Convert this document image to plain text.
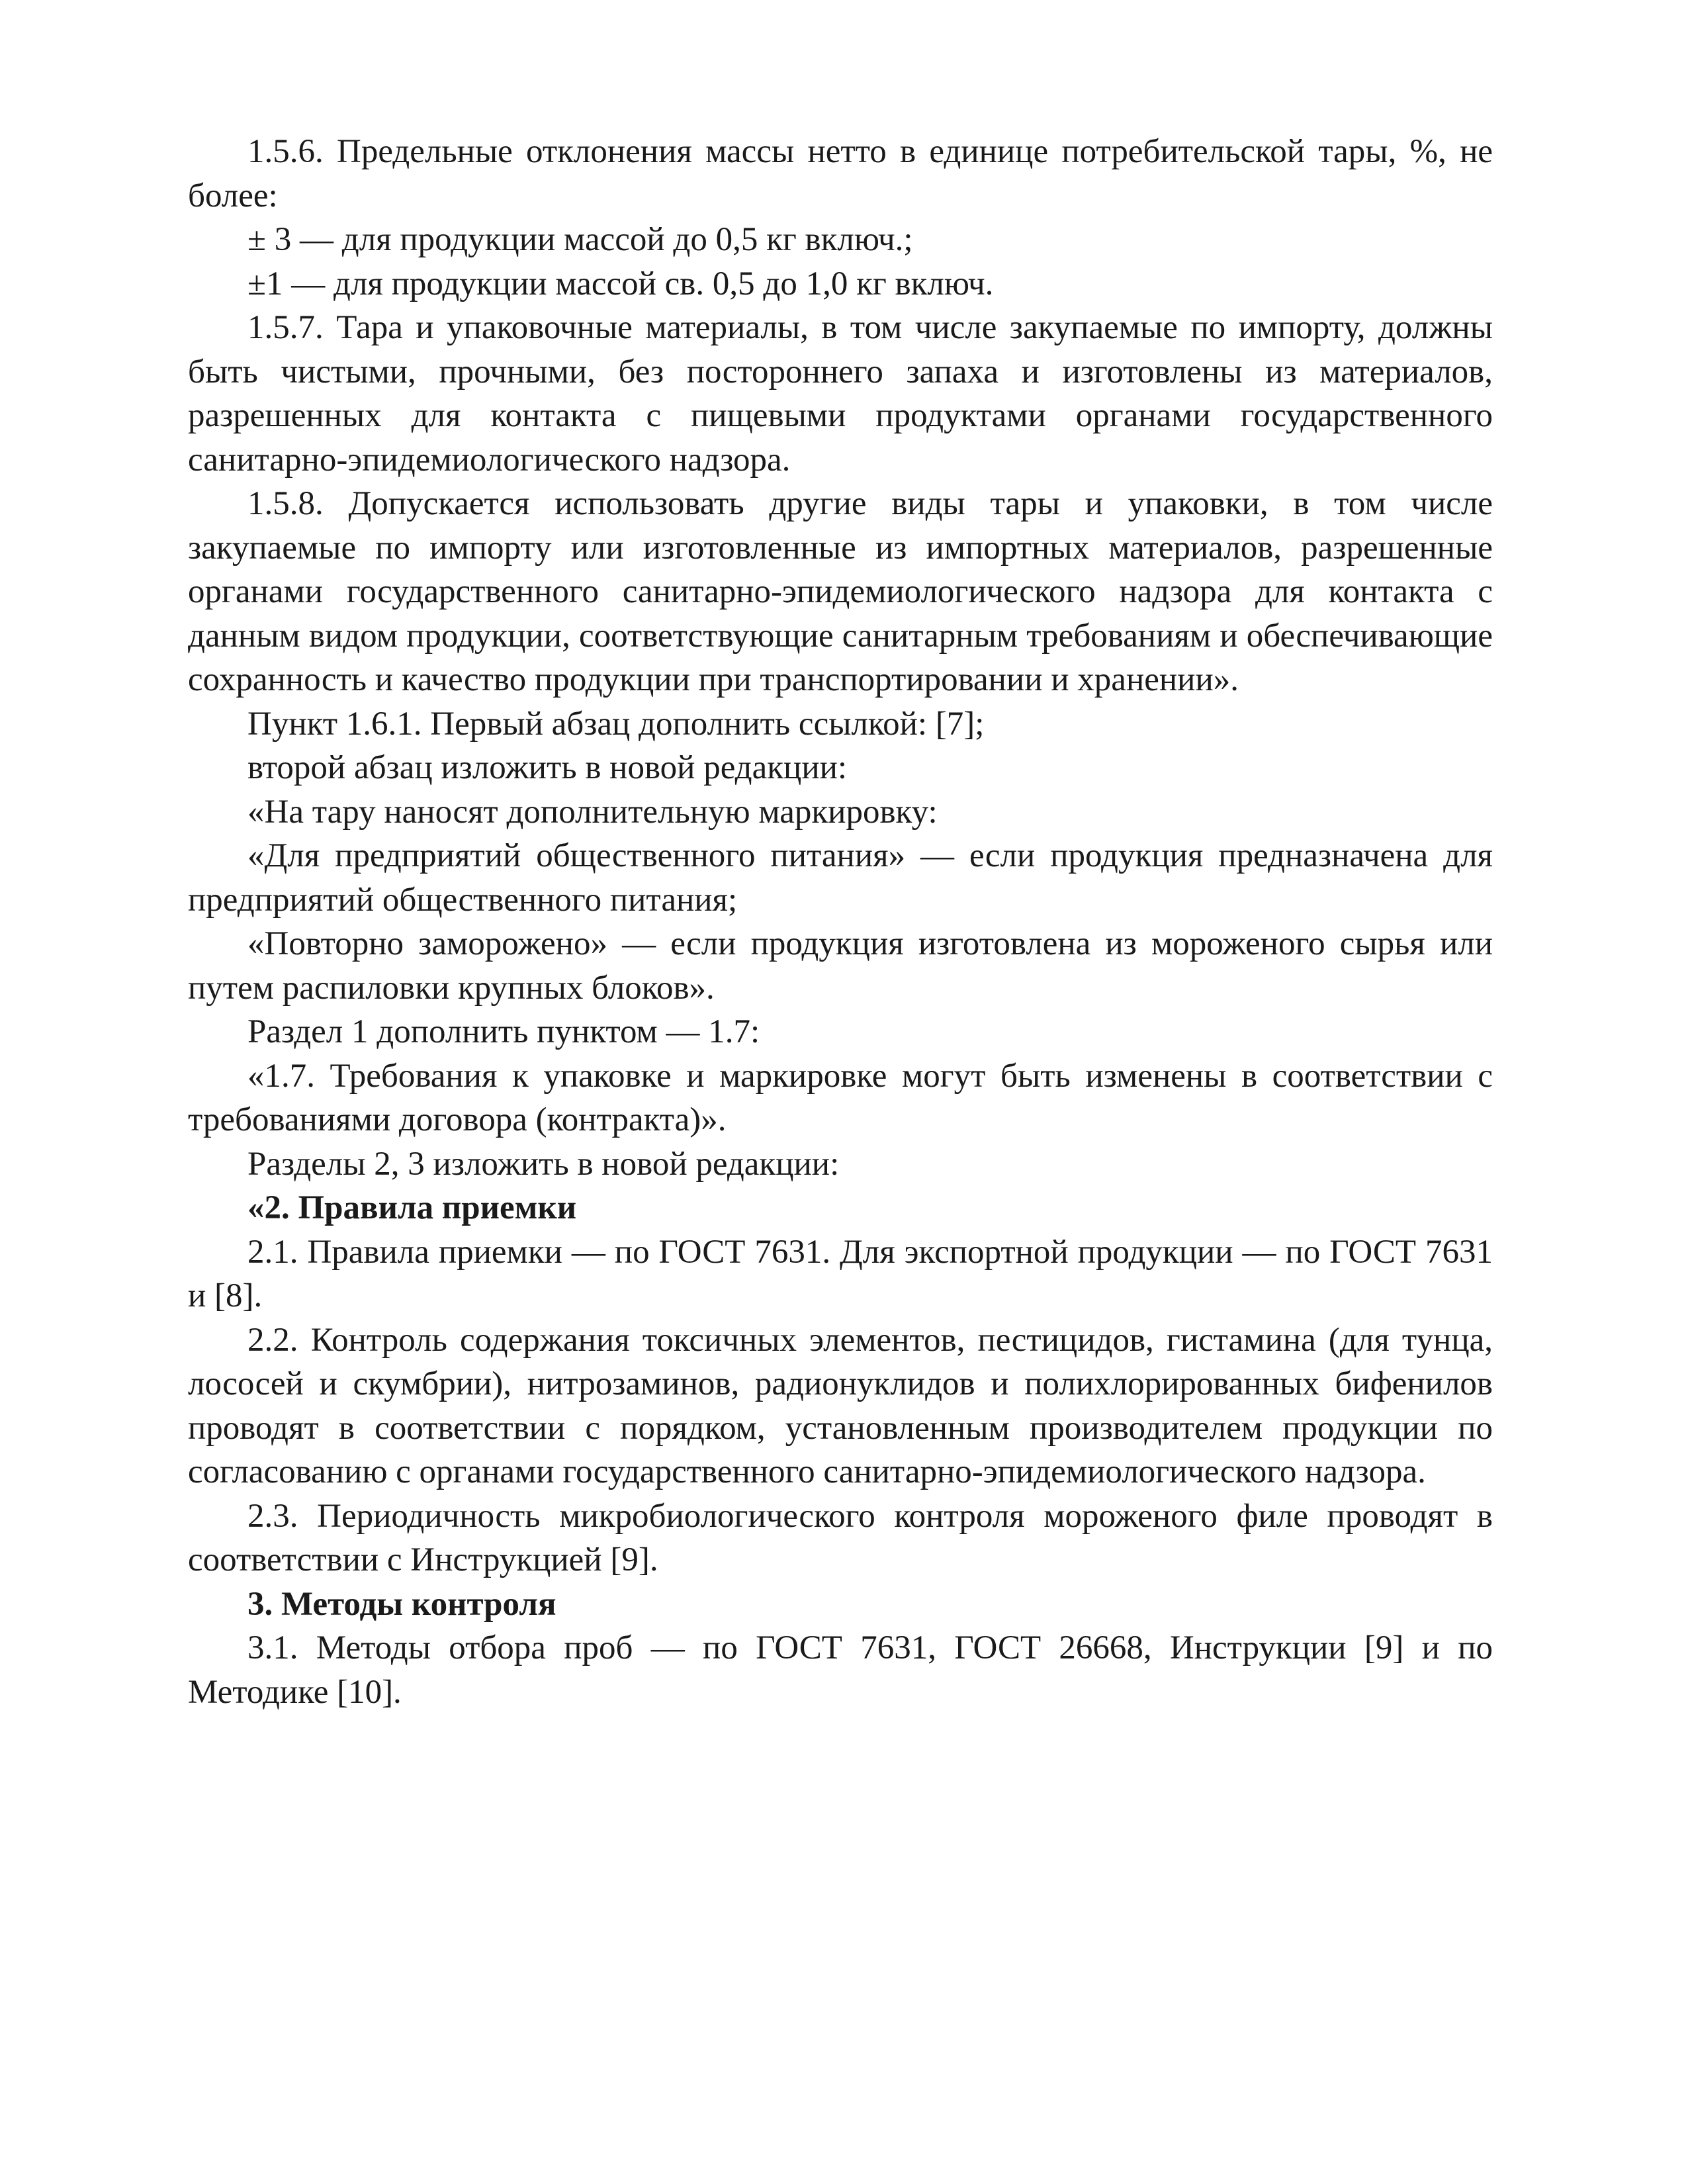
1.5.6. Предельные отклонения массы нетто в единице потребительской тары, %, не более:

± 3 — для продукции массой до 0,5 кг включ.;

±1 — для продукции массой св. 0,5 до 1,0 кг включ.

1.5.7. Тара и упаковочные материалы, в том числе закупаемые по импорту, должны быть чистыми, прочными, без постороннего запаха и изготовлены из материалов, разрешенных для контакта с пищевыми продуктами органами государственного санитарно-эпидемиологического надзора.

1.5.8. Допускается использовать другие виды тары и упаковки, в том числе закупаемые по импорту или изготовленные из импортных материалов, разрешенные органами государственного санитарно-эпидемиологического надзора для контакта с данным видом продукции, соответствующие санитарным требованиям и обеспечивающие сохранность и качество продукции при транспортировании и хранении».

Пункт 1.6.1. Первый абзац дополнить ссылкой: [7];

второй абзац изложить в новой редакции:

«На тару наносят дополнительную маркировку:

«Для предприятий общественного питания» — если продукция предназначена для предприятий общественного питания;

«Повторно заморожено» — если продукция изготовлена из мороженого сырья или путем распиловки крупных блоков».

Раздел 1 дополнить пунктом — 1.7:

«1.7. Требования к упаковке и маркировке могут быть изменены в соответствии с требованиями договора (контракта)».

Разделы 2, 3 изложить в новой редакции:

«2. Правила приемки

2.1. Правила приемки — по ГОСТ 7631. Для экспортной продукции — по ГОСТ 7631 и [8].

2.2. Контроль содержания токсичных элементов, пестицидов, гистамина (для тунца, лососей и скумбрии), нитрозаминов, радионуклидов и полихлорированных бифенилов проводят в соответствии с порядком, установленным производителем продукции по согласованию с органами государственного санитарно-эпидемиологического надзора.

2.3. Периодичность микробиологического контроля мороженого филе проводят в соответствии с Инструкцией [9].

3. Методы контроля

3.1. Методы отбора проб — по ГОСТ 7631, ГОСТ 26668, Инструкции [9] и по Методике [10].
